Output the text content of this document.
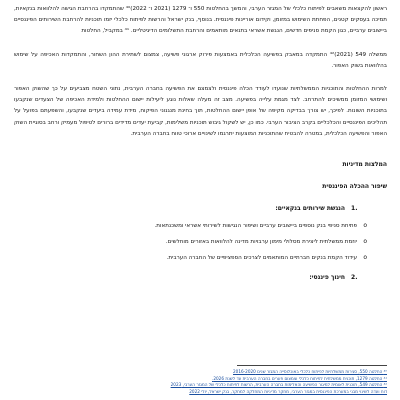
ראשון להקצאות משאבים לפיתוח כלכלי של המגזר הערבי, והמשך בהחלטות 550 ו־ 1279 (2021 ו־ 2022)⁴⁰ שהתמקדו בהרחבת הגישה להלוואות בנקאיות, תמיכה בעסקים קטנים, הפחתת השימוש במזומן, וקידום אוריינות פיננסית. בנוסף, בנק ישראל והרשות לפיתוח כלכלי יזמו תוכניות להרחבת השירותים הפיננסיים ביישובים ערביים, כגון הקמת סניפים חדשים, הנגשת אשראי בתנאים מותאמים והרחבת התשלומים הדיגיטליים. ⁴¹ במקביל, החלטות

ממשלה 549 (2021)⁴² התמקדה במאבק בפשיעה הכלכלית באמצעות פירוק ארגוני פשיעה, צמצום לשתירת ההון השחור, והתמקדות האכיפה על שימוש בהלוואות בשוק האפור.

למרות ההחלטות והתוכניות הממשלתיות שנועדו לעודד הכלה פיננסית ולצמצם את הפשיעה בחברה הערבית, נתוני השטח מצביעים על כך שהשוק האפור ושימושי המזומן ממשיכים להתרחב. לצד מגמת עלייה בפשיעה. מצב זה מעלה שאלות נוגע ליעילות יישום ההחלטות ולמידת האכיפה של הצעדים שנקבעו בתוכניות השונות. לפיכך, יש צורך בבדיקה מקיפה של אופן יישום ההחלטות, תוך בחינת מנגנוני הפיקוח, מידת עמידה ביעדים שנקבעו, והשפעתם בפועל על תהליכים הפיננסיים והכלכליים בקרב הציבור הערבי. כמו כן, יש לשקול גיבוש תוכניות משלימות, קביעת יעדים מדידים ברורים לטיפול מעמיק ורחב בסוגיית השוק האפור והפשיעה הכלכלית, במטרה להבטיח שהתוכניות המוצעות יתרגמו לשינויים ארוכי טווח בחברה הערבית.

המלצות מדיניות
שיפור ההכלה הפיננסית
.1
הנגשת שירותים בנקאיים:
o
פתיחת סניפי בנק נוספים ביישובים ערביים ושיפור הנגישות לשירותי אשראי ומשכנתאות.
o
יוזמת ממשלתית ליצירת מסלולי מימון ערבויות מדינה להלוואות באזורים מוחלשים.
o
עידוד הקמת בנקים חברתיים המותאמים לצרכים הספציפיים של החברה הערבית.
.2
חינוך פיננסי:

⁴⁰ החלטה 550, סגירות ממשלתיות לפיתוח כלכלי באוכלוסייה המגזר שנים 2016-2020

⁴¹ החלטה 1279, תוכנית ממשלתית לפיתוח כלכלי וצמצום פערים בחברה הערבית עד לשנת 2026.

⁴² החלטה 549, תוכנית לאומית למיגור הפשיעה והאלימות בחברה הערבית, הרשות לפיתוח כלכלי של המגזר הערבי, 2023

דוח ועדה לשינוי מבני במערכת הפיננסית במגזר הערבי, מחקר מדיניות המחלקה למחקר, בנק ישראל, יולי 2022
